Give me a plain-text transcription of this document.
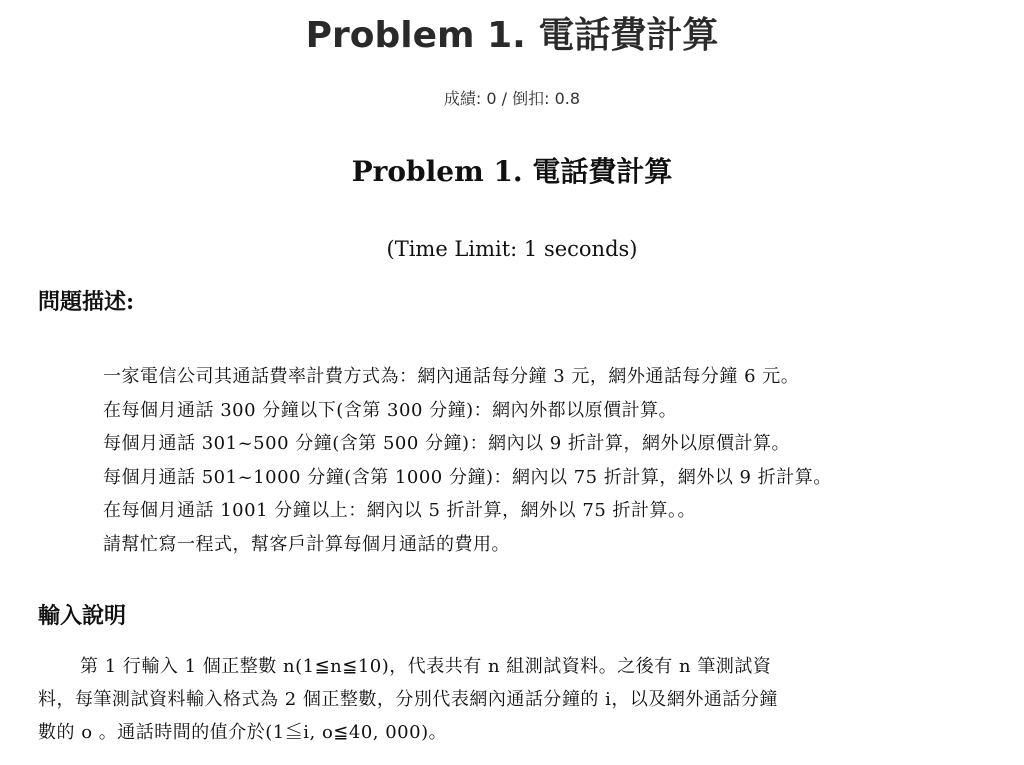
Problem 1. 電話費計算
成績: 0 / 倒扣: 0.8
Problem 1. 電話費計算
(Time Limit: 1 seconds)
問題描述:
一家電信公司其通話費率計費方式為：網內通話每分鐘 3 元，網外通話每分鐘 6 元。
在每個月通話 300 分鐘以下(含第 300 分鐘)：網內外都以原價計算。
每個月通話 301~500 分鐘(含第 500 分鐘)：網內以 9 折計算，網外以原價計算。
每個月通話 501~1000 分鐘(含第 1000 分鐘)：網內以 75 折計算，網外以 9 折計算。
在每個月通話 1001 分鐘以上：網內以 5 折計算，網外以 75 折計算。。
請幫忙寫一程式，幫客戶計算每個月通話的費用。
輸入說明
第 1 行輸入 1 個正整數 n(1≦n≦10)，代表共有 n 組測試資料。之後有 n 筆測試資
料，每筆測試資料輸入格式為 2 個正整數，分別代表網內通話分鐘的 i，以及網外通話分鐘
數的 o 。通話時間的值介於(1≦i, o≦40, 000)。
